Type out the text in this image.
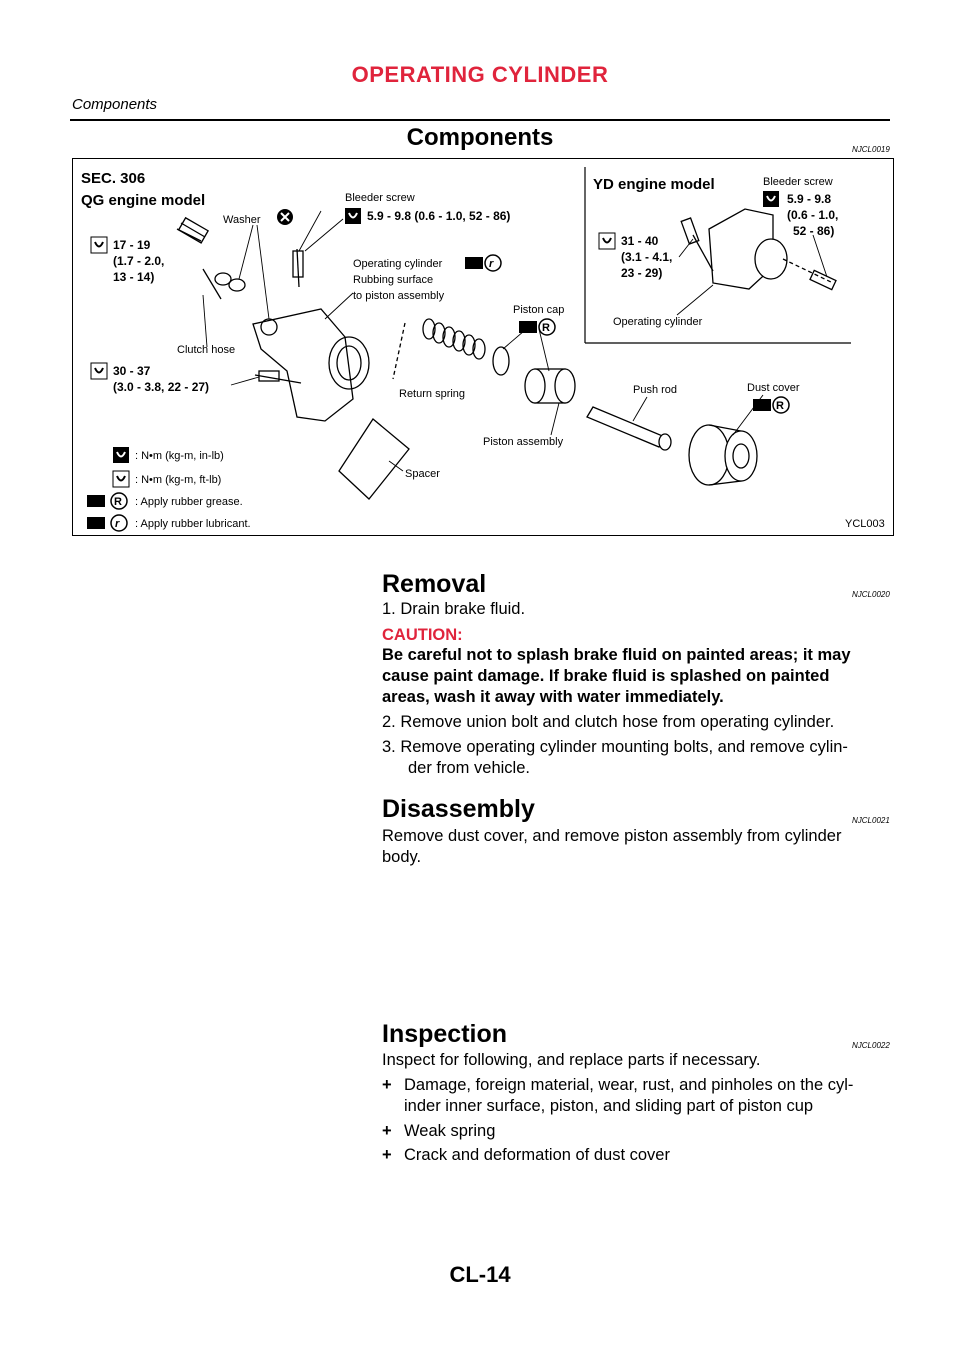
OPERATING CYLINDER
Components
Components	NJCL0019
SEC. 306
QG engine model
YD engine model
17 - 19
(1.7 - 2.0,
13 - 14)
Washer
Bleeder screw
5.9 - 9.8 (0.6 - 1.0, 52 - 86)
Operating cylinder
Rubbing surface
to piston assembly
r
Piston cap
R
Clutch hose
30 - 37
(3.0 - 3.8, 22 - 27)	Return spring	Push rod	Dust cover
R
Piston assembly
Spacer
: N•m (kg-m, in-lb)
: N•m (kg-m, ft-lb)
R : Apply rubber grease.
r : Apply rubber lubricant.
Bleeder screw
5.9 - 9.8
(0.6 - 1.0,
52 - 86)
31 - 40
(3.1 - 4.1,
23 - 29)
Operating cylinder
YCL003
Removal	NJCL0020
1. Drain brake fluid.
CAUTION:
Be careful not to splash brake fluid on painted areas; it may
cause paint damage. If brake fluid is splashed on painted
areas, wash it away with water immediately.
2. Remove union bolt and clutch hose from operating cylinder.
3. Remove operating cylinder mounting bolts, and remove cylin-
der from vehicle.
Disassembly	NJCL0021
Remove dust cover, and remove piston assembly from cylinder
body.
Inspection	NJCL0022
Inspect for following, and replace parts if necessary.
+ Damage, foreign material, wear, rust, and pinholes on the cyl-
inder inner surface, piston, and sliding part of piston cup
+ Weak spring
+ Crack and deformation of dust cover
CL-14
